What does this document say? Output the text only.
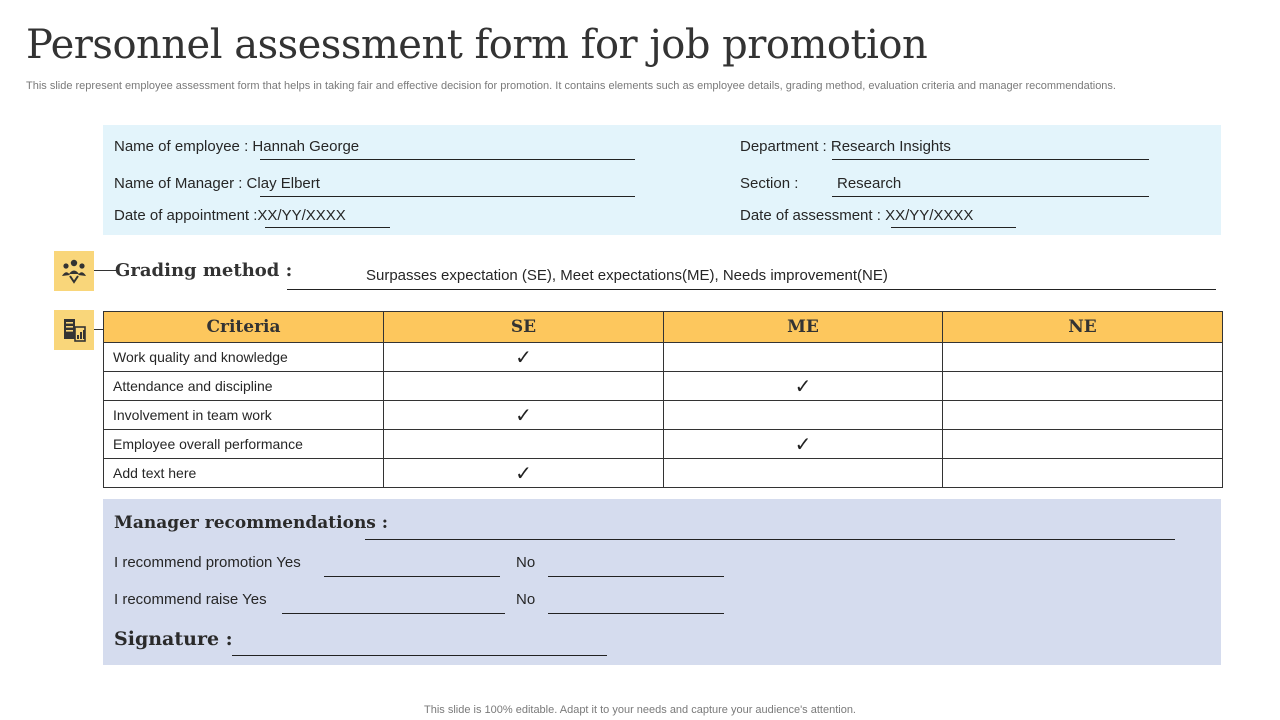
Personnel assessment form for job promotion
This slide represent employee assessment form that helps in taking fair and effective decision for promotion. It contains elements such as employee details, grading method, evaluation criteria and manager recommendations.
Name of employee : Hannah George
Name of Manager : Clay Elbert
Date of appointment :XX/YY/XXXX
Department : Research Insights
Section :	Research
Date of assessment : XX/YY/XXXX
Grading method :	Surpasses expectation (SE), Meet expectations(ME), Needs improvement(NE)
Criteria	SE	ME	NE
Work quality and knowledge	✓		
Attendance and discipline		✓	
Involvement in team work	✓		
Employee overall performance		✓	
Add text here	✓		
Manager recommendations :
I recommend promotion Yes	No
I recommend raise Yes	No
Signature :
This slide is 100% editable. Adapt it to your needs and capture your audience's attention.
